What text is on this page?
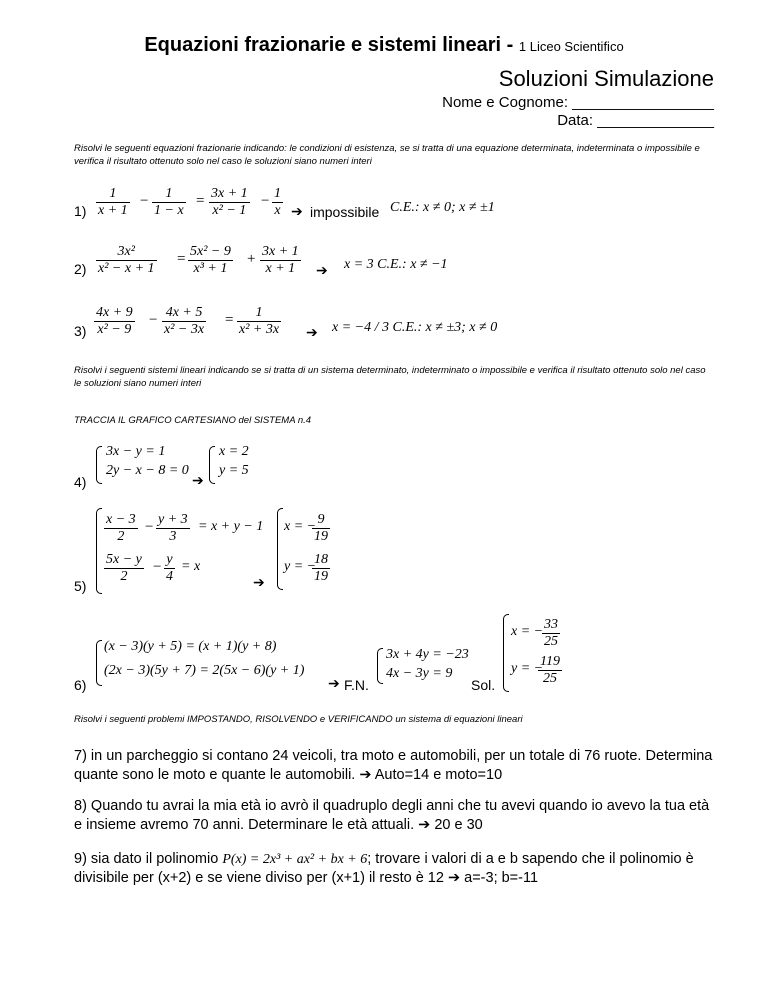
Equazioni frazionarie e sistemi lineari - 1 Liceo Scientifico
Soluzioni Simulazione
Nome e Cognome: _________________
Data: ______________
Risolvi le seguenti equazioni frazionarie indicando: le condizioni di esistenza, se si tratta di una equazione determinata, indeterminata o impossibile e verifica il risultato ottenuto solo nel caso le soluzioni siano numeri interi
$1) \frac{1}{x + 1} - \frac{1}{1 - x} = \frac{3x + 1}{\text{x² − 1}} - \frac{1}{x}$ ➔ impossibile C.E.: x ≠ 0; x ≠ ±1
$2) \frac{\text{3x²}}{\text{x² − x + 1}} = \frac{\text{5x² − 9}}{\text{x³ + 1}} + \frac{3x + 1}{x + 1}$ ➔ x = 3 C.E.: x ≠ −1
$3) \frac{4x + 9}{\text{x² − 9}} - \frac{4x + 5}{\text{x² − 3x}} = \frac{1}{\text{x² + 3x}}$ ➔ x = −4 / 3 C.E.: x ≠ ±3; x ≠ 0
Risolvi i seguenti sistemi lineari indicando se si tratta di un sistema determinato, indeterminato o impossibile e verifica il risultato ottenuto solo nel caso le soluzioni siano numeri interi
TRACCIA IL GRAFICO CARTESIANO del SISTEMA n.4
4)
3x − y = 1
2y − x − 8 = 0
➔
x = 2
y = 5
5)
$\frac{x - 3}{2} - \frac{y + 3}{3} = x + y - 1$
$\frac{5x - y}{2} - \frac{y}{4} = x$
➔
x = −
$\frac{9}{19}$
y = −
$\frac{18}{19}$
6)
(x − 3)(y + 5) = (x + 1)(y + 8)
(2x − 3)(5y + 7) = 2(5x − 6)(y + 1)
➔ F.N.
3x + 4y = −23
4x − 3y = 9
Sol.
x = −
$\frac{33}{25}$
y = −
$\frac{119}{25}$
Risolvi i seguenti problemi IMPOSTANDO, RISOLVENDO e VERIFICANDO un sistema di equazioni lineari
7) in un parcheggio si contano 24 veicoli, tra moto e automobili, per un totale di 76 ruote. Determina quante sono le moto e quante le automobili. ➔ Auto=14 e moto=10
8) Quando tu avrai la mia età io avrò il quadruplo degli anni che tu avevi quando io avevo la tua età e insieme avremo 70 anni. Determinare le età attuali. ➔ 20 e 30
9) sia dato il polinomio P(x) = 2x³ + ax² + bx + 6; trovare i valori di a e b sapendo che il polinomio è divisibile per (x+2) e se viene diviso per (x+1) il resto è 12 ➔ a=-3; b=-11
